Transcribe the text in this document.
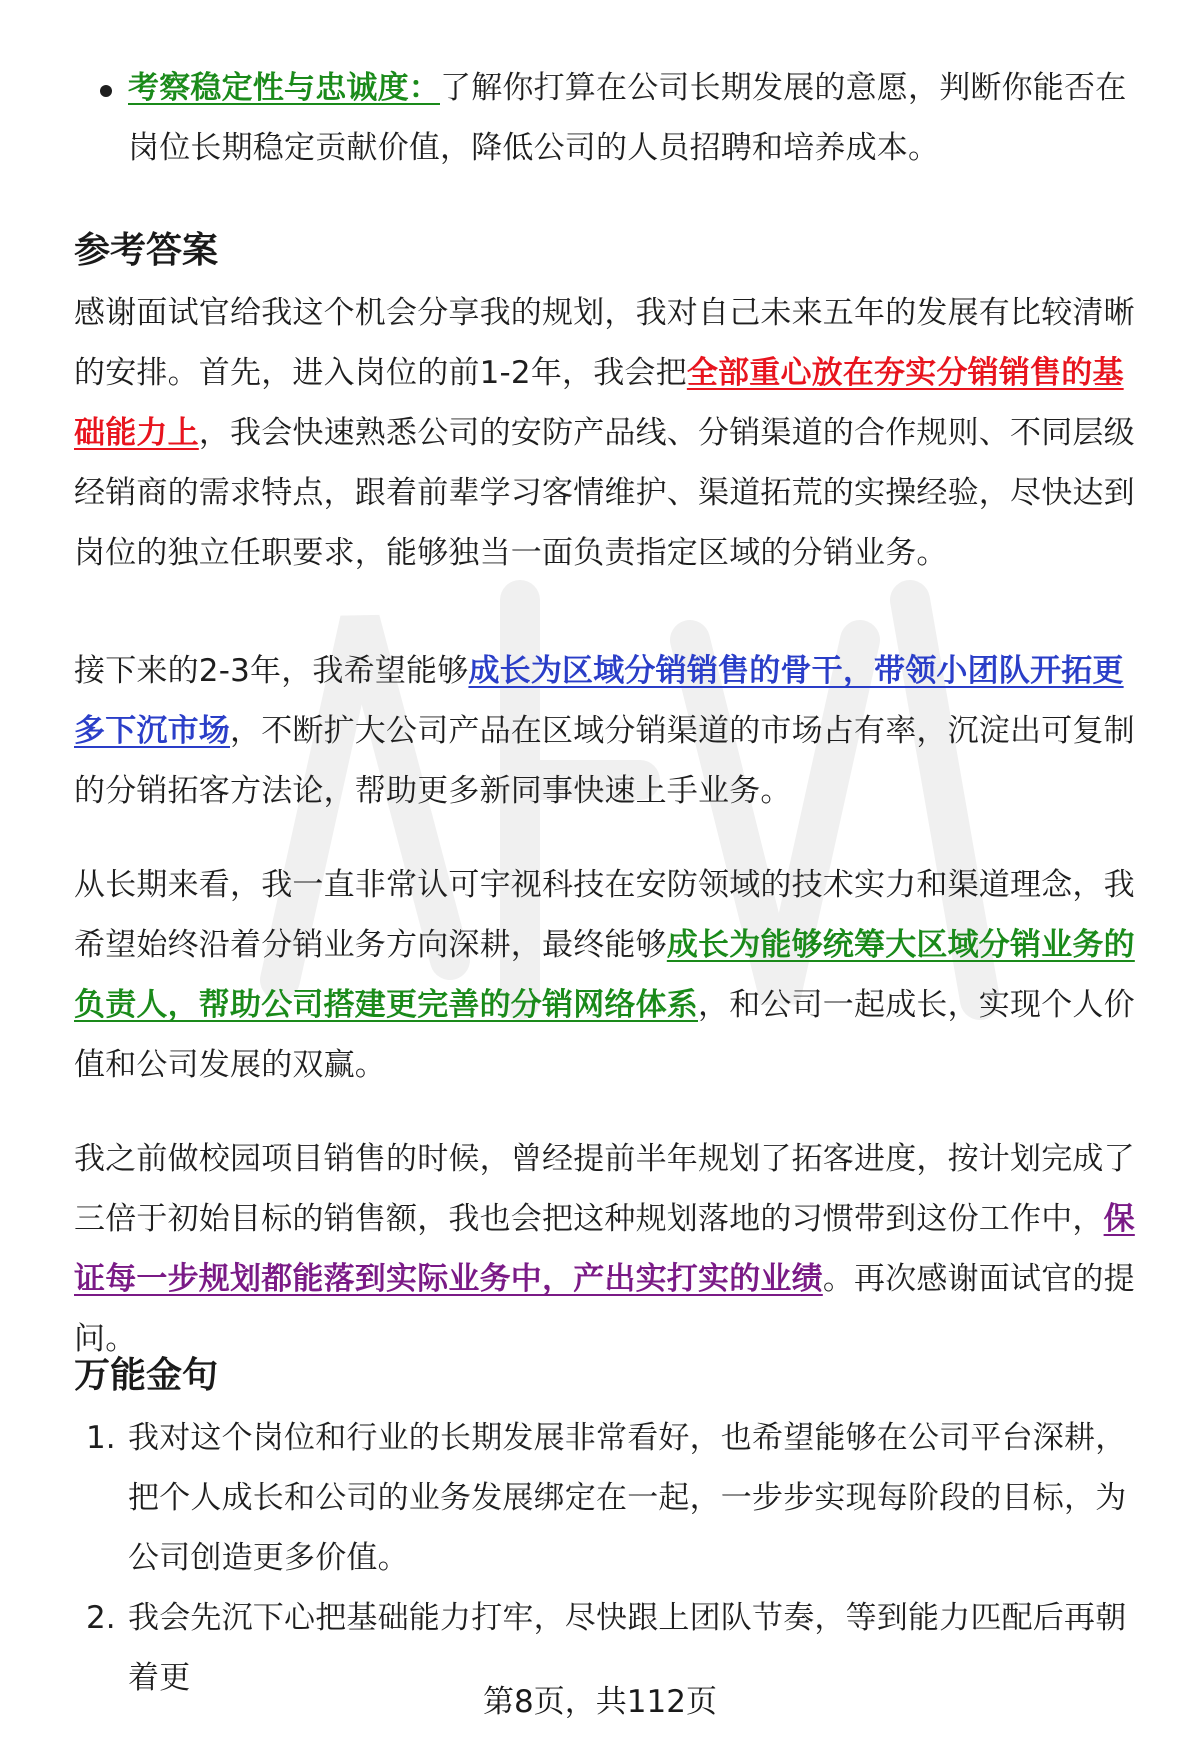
考察稳定性与忠诚度：了解你打算在公司长期发展的意愿，判断你能否在岗位长期稳定贡献价值，降低公司的人员招聘和培养成本。

参考答案

感谢面试官给我这个机会分享我的规划，我对自己未来五年的发展有比较清晰的安排。首先，进入岗位的前1-2年，我会把全部重心放在夯实分销销售的基础能力上，我会快速熟悉公司的安防产品线、分销渠道的合作规则、不同层级经销商的需求特点，跟着前辈学习客情维护、渠道拓荒的实操经验，尽快达到岗位的独立任职要求，能够独当一面负责指定区域的分销业务。

接下来的2-3年，我希望能够成长为区域分销销售的骨干，带领小团队开拓更多下沉市场，不断扩大公司产品在区域分销渠道的市场占有率，沉淀出可复制的分销拓客方法论，帮助更多新同事快速上手业务。

从长期来看，我一直非常认可宇视科技在安防领域的技术实力和渠道理念，我希望始终沿着分销业务方向深耕，最终能够成长为能够统筹大区域分销业务的负责人，帮助公司搭建更完善的分销网络体系，和公司一起成长，实现个人价值和公司发展的双赢。

我之前做校园项目销售的时候，曾经提前半年规划了拓客进度，按计划完成了三倍于初始目标的销售额，我也会把这种规划落地的习惯带到这份工作中，保证每一步规划都能落到实际业务中，产出实打实的业绩。再次感谢面试官的提问。

万能金句
1. 我对这个岗位和行业的长期发展非常看好，也希望能够在公司平台深耕，把个人成长和公司的业务发展绑定在一起，一步步实现每阶段的目标，为公司创造更多价值。

2. 我会先沉下心把基础能力打牢，尽快跟上团队节奏，等到能力匹配后再朝着更

第8页，共112页
